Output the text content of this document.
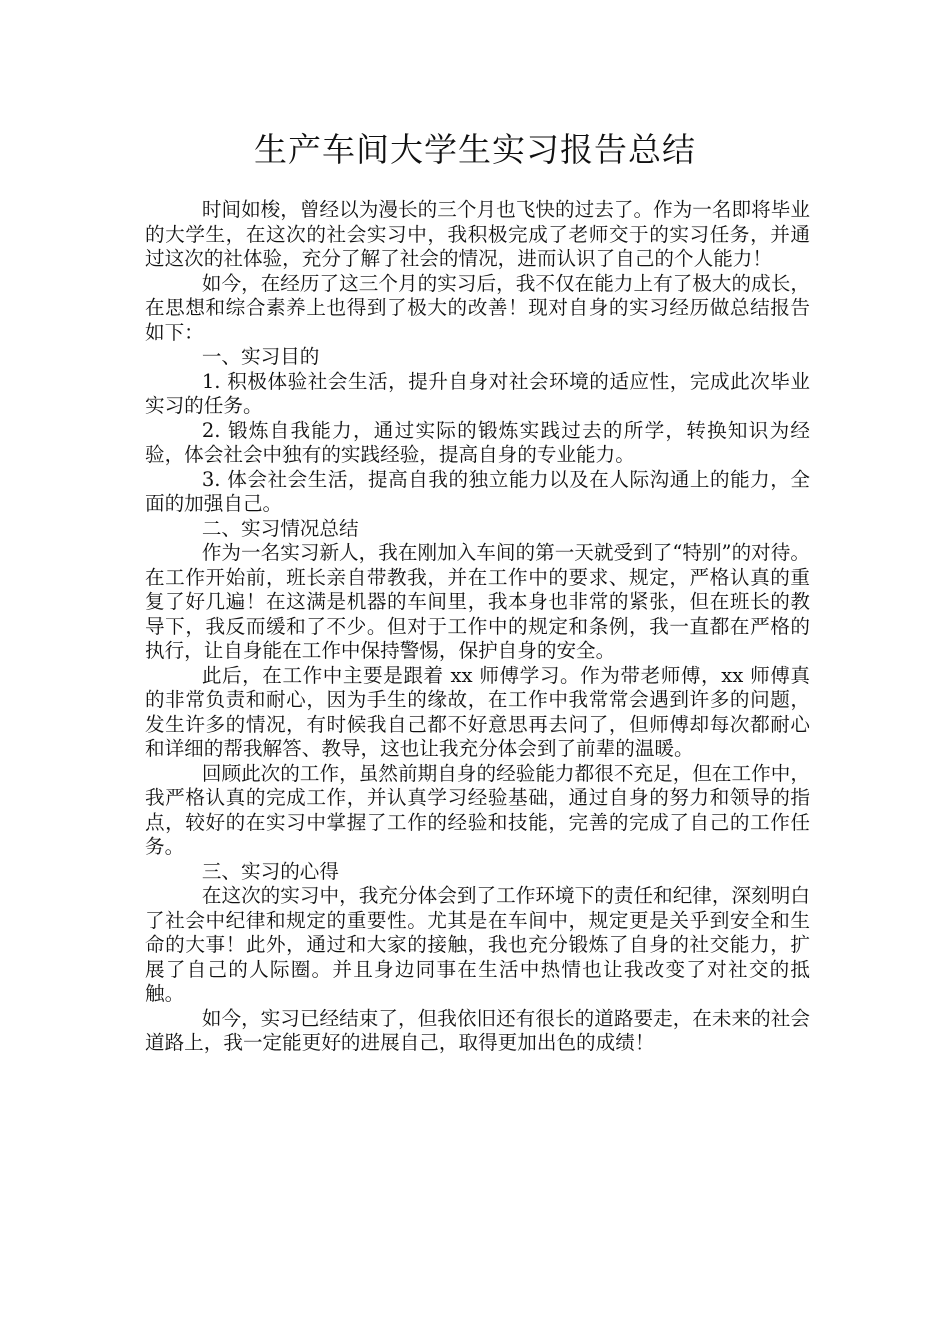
生产车间大学生实习报告总结

时间如梭，曾经以为漫长的三个月也飞快的过去了。作为一名即将毕业的大学生，在这次的社会实习中，我积极完成了老师交于的实习任务，并通过这次的社体验，充分了解了社会的情况，进而认识了自己的个人能力！

如今，在经历了这三个月的实习后，我不仅在能力上有了极大的成长，在思想和综合素养上也得到了极大的改善！现对自身的实习经历做总结报告如下：

一、实习目的

1. 积极体验社会生活，提升自身对社会环境的适应性，完成此次毕业实习的任务。

2. 锻炼自我能力，通过实际的锻炼实践过去的所学，转换知识为经验，体会社会中独有的实践经验，提高自身的专业能力。

3. 体会社会生活，提高自我的独立能力以及在人际沟通上的能力，全面的加强自己。

二、实习情况总结

作为一名实习新人，我在刚加入车间的第一天就受到了“特别”的对待。在工作开始前，班长亲自带教我，并在工作中的要求、规定，严格认真的重复了好几遍！在这满是机器的车间里，我本身也非常的紧张，但在班长的教导下，我反而缓和了不少。但对于工作中的规定和条例，我一直都在严格的执行，让自身能在工作中保持警惕，保护自身的安全。

此后，在工作中主要是跟着 xx 师傅学习。作为带老师傅，xx 师傅真的非常负责和耐心，因为手生的缘故，在工作中我常常会遇到许多的问题，发生许多的情况，有时候我自己都不好意思再去问了，但师傅却每次都耐心和详细的帮我解答、教导，这也让我充分体会到了前辈的温暖。

回顾此次的工作，虽然前期自身的经验能力都很不充足，但在工作中，我严格认真的完成工作，并认真学习经验基础，通过自身的努力和领导的指点，较好的在实习中掌握了工作的经验和技能，完善的完成了自己的工作任务。

三、实习的心得

在这次的实习中，我充分体会到了工作环境下的责任和纪律，深刻明白了社会中纪律和规定的重要性。尤其是在车间中，规定更是关乎到安全和生命的大事！此外，通过和大家的接触，我也充分锻炼了自身的社交能力，扩展了自己的人际圈。并且身边同事在生活中热情也让我改变了对社交的抵触。

如今，实习已经结束了，但我依旧还有很长的道路要走，在未来的社会道路上，我一定能更好的进展自己，取得更加出色的成绩！
